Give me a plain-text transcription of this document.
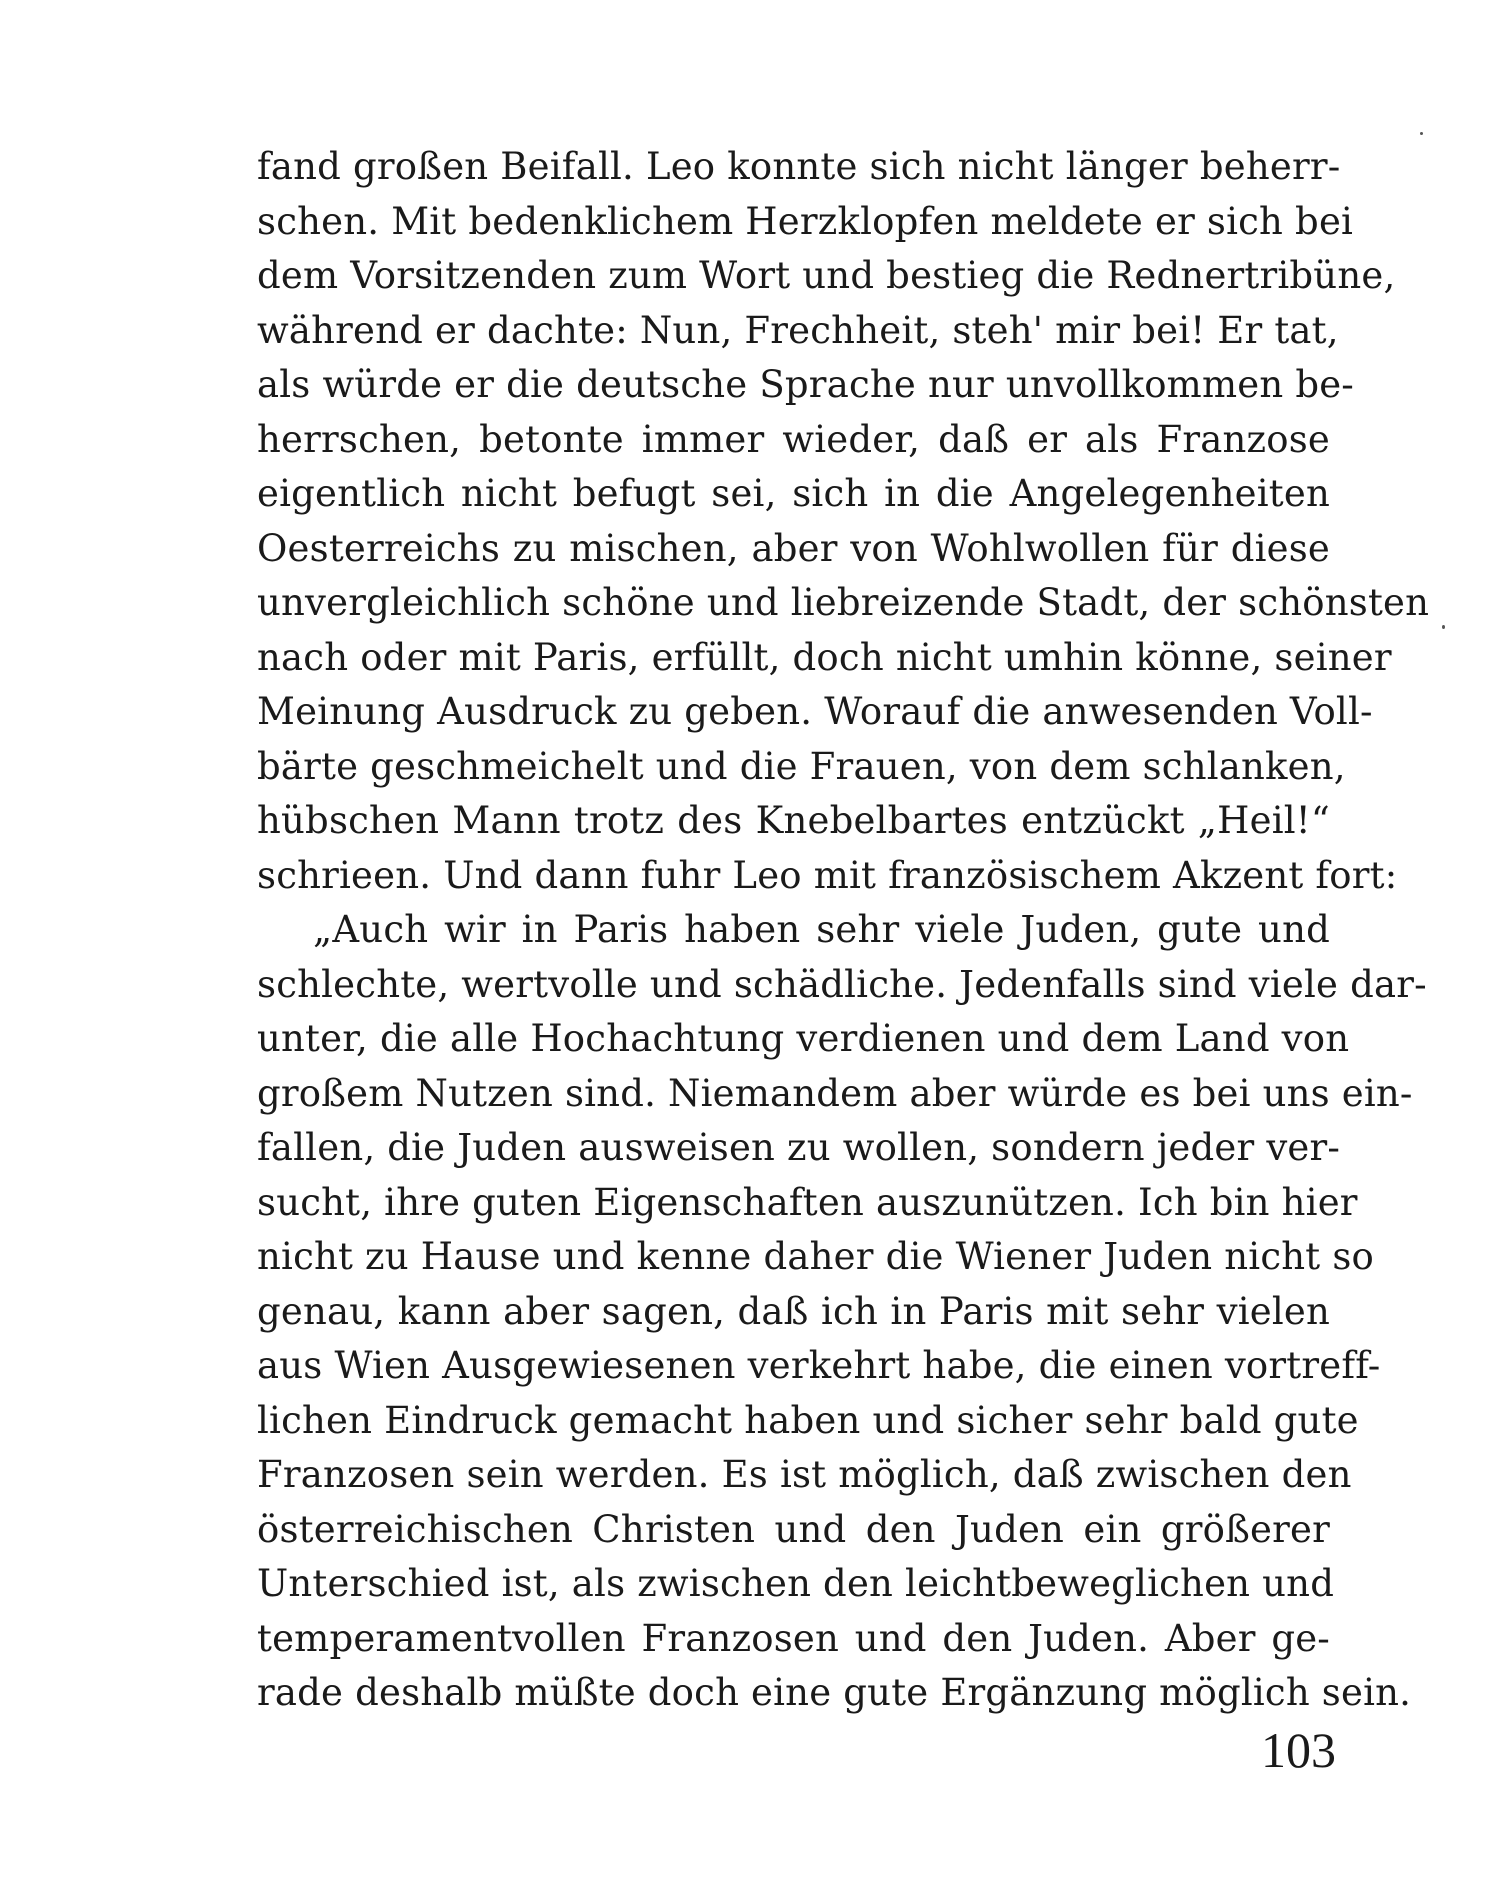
fand großen Beifall. Leo konnte sich nicht länger beherr-
schen. Mit bedenklichem Herzklopfen meldete er sich bei
dem Vorsitzenden zum Wort und bestieg die Rednertribüne,
während er dachte: Nun, Frechheit, steh' mir bei! Er tat,
als würde er die deutsche Sprache nur unvollkommen be-
herrschen, betonte immer wieder, daß er als Franzose
eigentlich nicht befugt sei, sich in die Angelegenheiten
Oesterreichs zu mischen, aber von Wohlwollen für diese
unvergleichlich schöne und liebreizende Stadt, der schönsten
nach oder mit Paris, erfüllt, doch nicht umhin könne, seiner
Meinung Ausdruck zu geben. Worauf die anwesenden Voll-
bärte geschmeichelt und die Frauen, von dem schlanken,
hübschen Mann trotz des Knebelbartes entzückt „Heil!“
schrieen. Und dann fuhr Leo mit französischem Akzent fort:
„Auch wir in Paris haben sehr viele Juden, gute und
schlechte, wertvolle und schädliche. Jedenfalls sind viele dar-
unter, die alle Hochachtung verdienen und dem Land von
großem Nutzen sind. Niemandem aber würde es bei uns ein-
fallen, die Juden ausweisen zu wollen, sondern jeder ver-
sucht, ihre guten Eigenschaften auszunützen. Ich bin hier
nicht zu Hause und kenne daher die Wiener Juden nicht so
genau, kann aber sagen, daß ich in Paris mit sehr vielen
aus Wien Ausgewiesenen verkehrt habe, die einen vortreff-
lichen Eindruck gemacht haben und sicher sehr bald gute
Franzosen sein werden. Es ist möglich, daß zwischen den
österreichischen Christen und den Juden ein größerer
Unterschied ist, als zwischen den leichtbeweglichen und
temperamentvollen Franzosen und den Juden. Aber ge-
rade deshalb müßte doch eine gute Ergänzung möglich sein.
103
